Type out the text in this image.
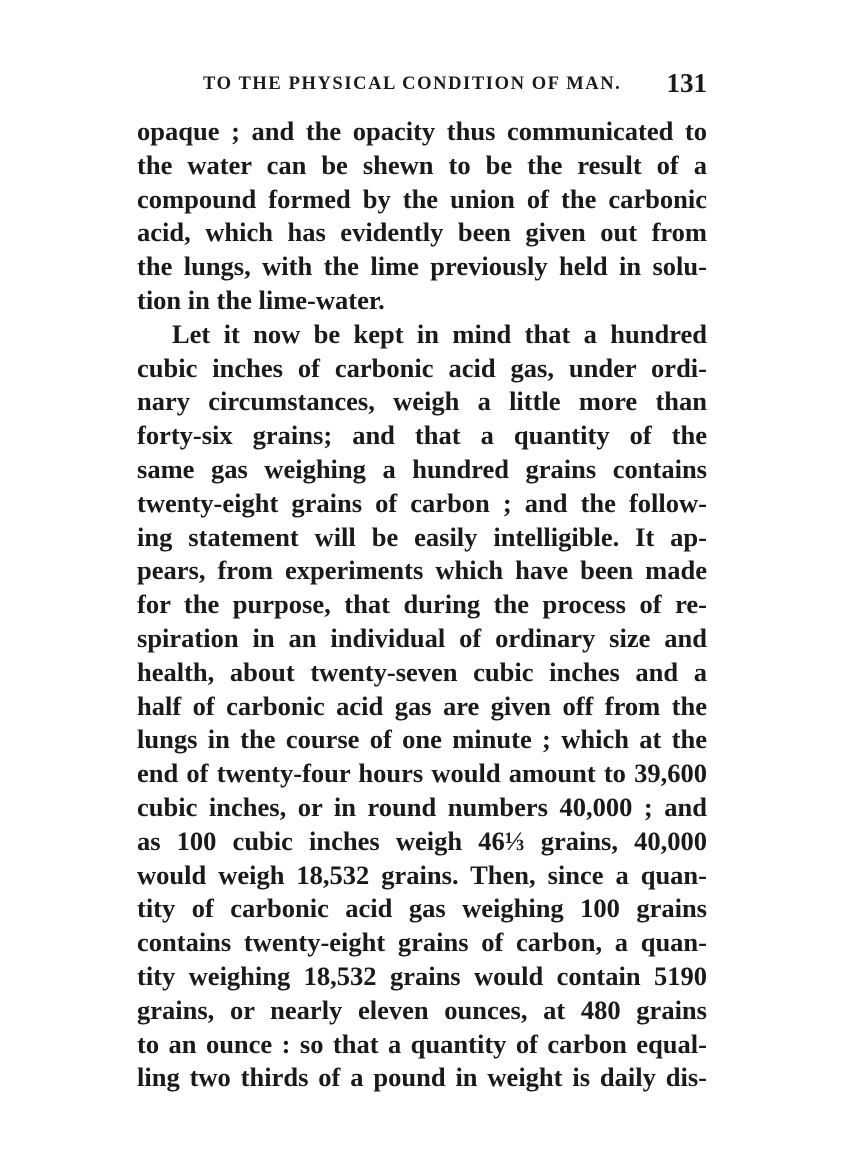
TO THE PHYSICAL CONDITION OF MAN. 131
opaque ; and the opacity thus communicated to
the water can be shewn to be the result of a
compound formed by the union of the carbonic
acid, which has evidently been given out from
the lungs, with the lime previously held in solu-
tion in the lime-water.
Let it now be kept in mind that a hundred
cubic inches of carbonic acid gas, under ordi-
nary circumstances, weigh a little more than
forty-six grains; and that a quantity of the
same gas weighing a hundred grains contains
twenty-eight grains of carbon ; and the follow-
ing statement will be easily intelligible. It ap-
pears, from experiments which have been made
for the purpose, that during the process of re-
spiration in an individual of ordinary size and
health, about twenty-seven cubic inches and a
half of carbonic acid gas are given off from the
lungs in the course of one minute ; which at the
end of twenty-four hours would amount to 39,600
cubic inches, or in round numbers 40,000 ; and
as 100 cubic inches weigh 46⅓ grains, 40,000
would weigh 18,532 grains. Then, since a quan-
tity of carbonic acid gas weighing 100 grains
contains twenty-eight grains of carbon, a quan-
tity weighing 18,532 grains would contain 5190
grains, or nearly eleven ounces, at 480 grains
to an ounce : so that a quantity of carbon equal-
ling two thirds of a pound in weight is daily dis-
